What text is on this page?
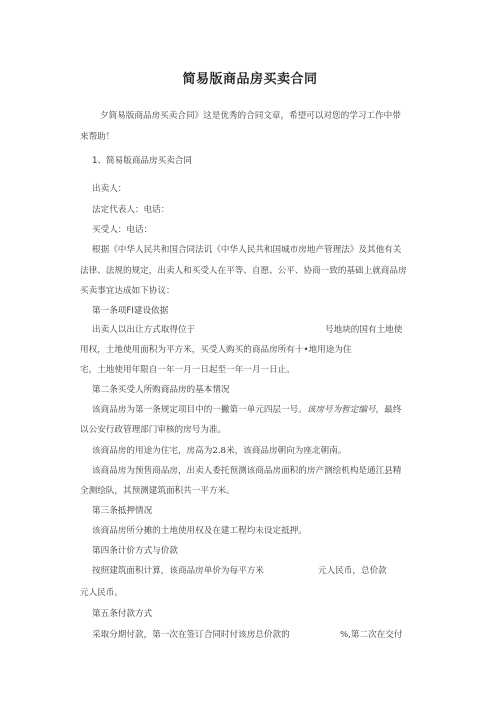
简易版商品房买卖合同
夕简易版商品房买卖合同》这是优秀的合同文章，希望可以对您的学习工作中带
来帮助！
1、简易版商品房买卖合同
出卖人：
法定代表人：电话：
买受人：电话：
根据《中华人民共和国合同法讥《中华人民共和国城市房地产管理法》及其他有关
法律、法规的规定，出卖人和买受人在平等、自愿、公平、协商一致的基础上就商品房
买卖事宜达成如下协议：
第一条项FI建设依据
出卖人以出让方式取得位于	号地块的国有土地使
用权，土地使用面积为平方米，买受人购买的商品房所有十•地用途为住
宅，土地使用年限自一年一月一日起至一年一月一日止。
第二条买受人所购商品房的基本情况
该商品房为第一条规定项目中的一撇第一单元四层一号。该房号为暂定编号，最终
以公安行政管理部门审核的房号为准。
该商品房的用途为住宅，房高为2.8米，该商品房朝向为座北朝南。
该商品房为预售商品房，出卖人委托预测该商品房面积的房产测绘机构是通江县精
全测绘队，其预测建筑面积共一平方米。
第三条抵押情况
该商品房所分摊的土地使用权及在建工程均未设定抵押。
第四条计价方式与价款
按照建筑面积计算，该商品房单价为每平方米	元人民币，总价款
元人民币。
第五条付款方式
采取分期付款，第一次在签订合同时付该房总价款的	%,第二次在交付
